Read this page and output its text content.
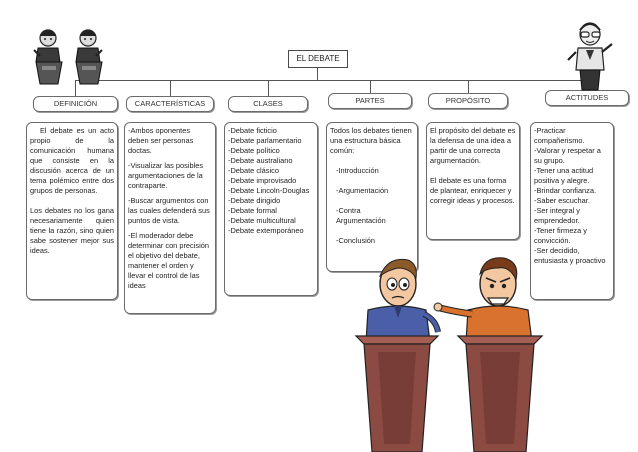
EL DEBATE
DEFINICIÓN	CARACTERÍSTICAS	CLASES	PARTES	PROPÓSITO	ACTITUDES

El debate es un acto propio de la comunicación humana que consiste en la discusión acerca de un tema polémico entre dos grupos de personas.

Los debates no los gana necesariamente quien tiene la razón, sino quien sabe sostener mejor sus ideas.

-Ambos oponentes deben ser personas doctas.

-Visualizar las posibles argumentaciones de la contraparte.

-Buscar argumentos con las cuales defenderá sus puntos de vista.

-El moderador debe determinar con precisión el objetivo del debate, mantener el orden y llevar el control de las ideas

-Debate ficticio

-Debate parlamentario

-Debate político

-Debate australiano

-Debate clásico

-Debate improvisado

-Debate Lincoln-Douglas

-Debate dirigido

-Debate formal

-Debate multicultural

-Debate extemporáneo

Todos los debates tienen una estructura básica común:

-Introducción

-Argumentación

-Contra Argumentación

-Conclusión

El propósito del debate es la defensa de una idea a partir de una correcta argumentación.

El debate es una forma de plantear, enriquecer y corregir ideas y procesos.

-Practicar compañerismo.

-Valorar y respetar a su grupo.

-Tener una actitud positiva y alegre.

-Brindar confianza.

-Saber escuchar.

-Ser integral y emprendedor.

-Tener firmeza y convicción.

-Ser decidido, entusiasta y proactivo
